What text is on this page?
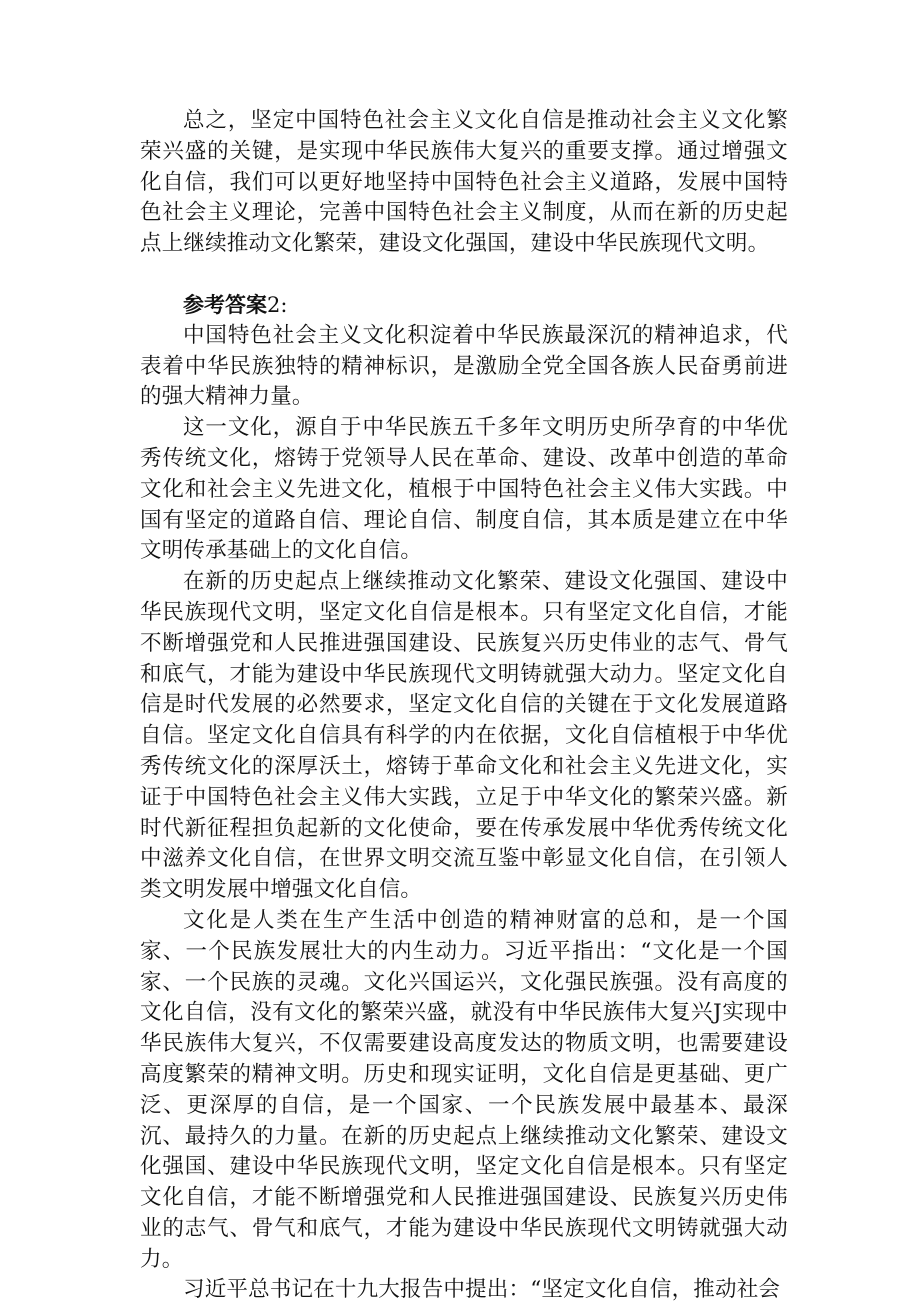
总之，坚定中国特色社会主义文化自信是推动社会主义文化繁荣兴盛的关键，是实现中华民族伟大复兴的重要支撑。通过增强文化自信，我们可以更好地坚持中国特色社会主义道路，发展中国特色社会主义理论，完善中国特色社会主义制度，从而在新的历史起点上继续推动文化繁荣，建设文化强国，建设中华民族现代文明。

参考答案2:

中国特色社会主义文化积淀着中华民族最深沉的精神追求，代表着中华民族独特的精神标识，是激励全党全国各族人民奋勇前进的强大精神力量。

这一文化，源自于中华民族五千多年文明历史所孕育的中华优秀传统文化，熔铸于党领导人民在革命、建设、改革中创造的革命文化和社会主义先进文化，植根于中国特色社会主义伟大实践。中国有坚定的道路自信、理论自信、制度自信，其本质是建立在中华文明传承基础上的文化自信。

在新的历史起点上继续推动文化繁荣、建设文化强国、建设中华民族现代文明，坚定文化自信是根本。只有坚定文化自信，才能不断增强党和人民推进强国建设、民族复兴历史伟业的志气、骨气和底气，才能为建设中华民族现代文明铸就强大动力。坚定文化自信是时代发展的必然要求，坚定文化自信的关键在于文化发展道路自信。坚定文化自信具有科学的内在依据，文化自信植根于中华优秀传统文化的深厚沃土，熔铸于革命文化和社会主义先进文化，实证于中国特色社会主义伟大实践，立足于中华文化的繁荣兴盛。新时代新征程担负起新的文化使命，要在传承发展中华优秀传统文化中滋养文化自信，在世界文明交流互鉴中彰显文化自信，在引领人类文明发展中增强文化自信。

文化是人类在生产生活中创造的精神财富的总和，是一个国家、一个民族发展壮大的内生动力。习近平指出：“文化是一个国家、一个民族的灵魂。文化兴国运兴，文化强民族强。没有高度的文化自信，没有文化的繁荣兴盛，就没有中华民族伟大复兴J实现中华民族伟大复兴，不仅需要建设高度发达的物质文明，也需要建设高度繁荣的精神文明。历史和现实证明，文化自信是更基础、更广泛、更深厚的自信，是一个国家、一个民族发展中最基本、最深沉、最持久的力量。在新的历史起点上继续推动文化繁荣、建设文化强国、建设中华民族现代文明，坚定文化自信是根本。只有坚定文化自信，才能不断增强党和人民推进强国建设、民族复兴历史伟业的志气、骨气和底气，才能为建设中华民族现代文明铸就强大动力。

习近平总书记在十九大报告中提出：“坚定文化自信，推动社会
